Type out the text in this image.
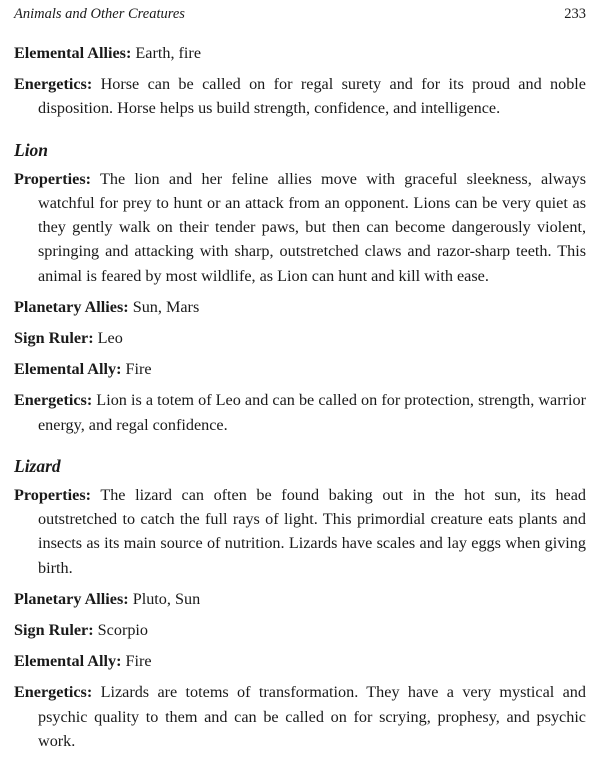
Animals and Other Creatures	233

Elemental Allies: Earth, fire

Energetics: Horse can be called on for regal surety and for its proud and noble disposition. Horse helps us build strength, confidence, and intelligence.

Lion

Properties: The lion and her feline allies move with graceful sleekness, always watchful for prey to hunt or an attack from an opponent. Lions can be very quiet as they gently walk on their tender paws, but then can become dangerously violent, springing and attacking with sharp, outstretched claws and razor-sharp teeth. This animal is feared by most wildlife, as Lion can hunt and kill with ease.

Planetary Allies: Sun, Mars

Sign Ruler: Leo

Elemental Ally: Fire

Energetics: Lion is a totem of Leo and can be called on for protection, strength, warrior energy, and regal confidence.

Lizard

Properties: The lizard can often be found baking out in the hot sun, its head outstretched to catch the full rays of light. This primordial creature eats plants and insects as its main source of nutrition. Lizards have scales and lay eggs when giving birth.

Planetary Allies: Pluto, Sun

Sign Ruler: Scorpio

Elemental Ally: Fire

Energetics: Lizards are totems of transformation. They have a very mystical and psychic quality to them and can be called on for scrying, prophesy, and psychic work.
